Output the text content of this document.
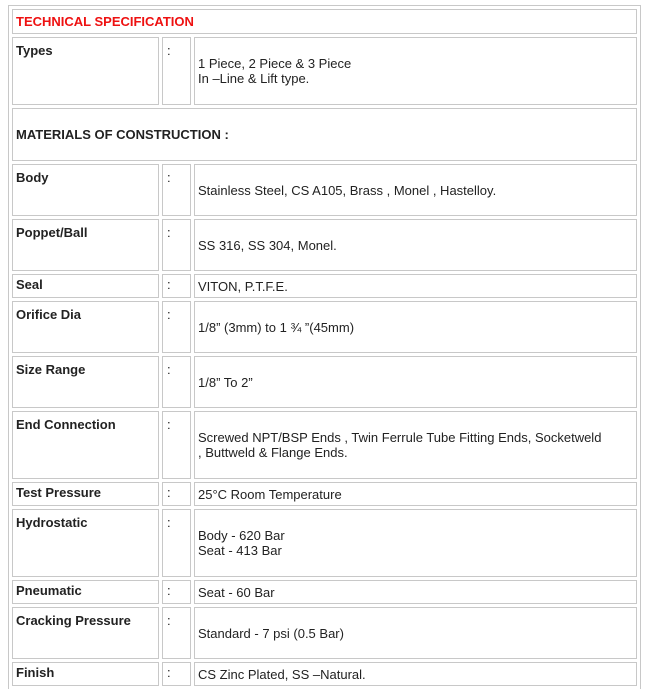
TECHNICAL SPECIFICATION		
Types	:	1 Piece, 2 Piece & 3 Piece
In –Line & Lift type.

MATERIALS OF CONSTRUCTION :		
Body	:	Stainless Steel, CS A105, Brass , Monel , Hastelloy.

Poppet/Ball	:	SS 316, SS 304, Monel.

Seal	:	VITON, P.T.F.E.

Orifice Dia	:	1/8” (3mm) to 1 ¾ ”(45mm)

Size Range	:	1/8” To 2”

End Connection	:	Screwed NPT/BSP Ends , Twin Ferrule Tube Fitting Ends, Socketweld
, Buttweld & Flange Ends.

Test Pressure	:	25°C Room Temperature

Hydrostatic	:	Body - 620 Bar
Seat - 413 Bar

Pneumatic	:	Seat - 60 Bar

Cracking Pressure	:	Standard - 7 psi (0.5 Bar)

Finish	:	CS Zinc Plated, SS –Natural.
